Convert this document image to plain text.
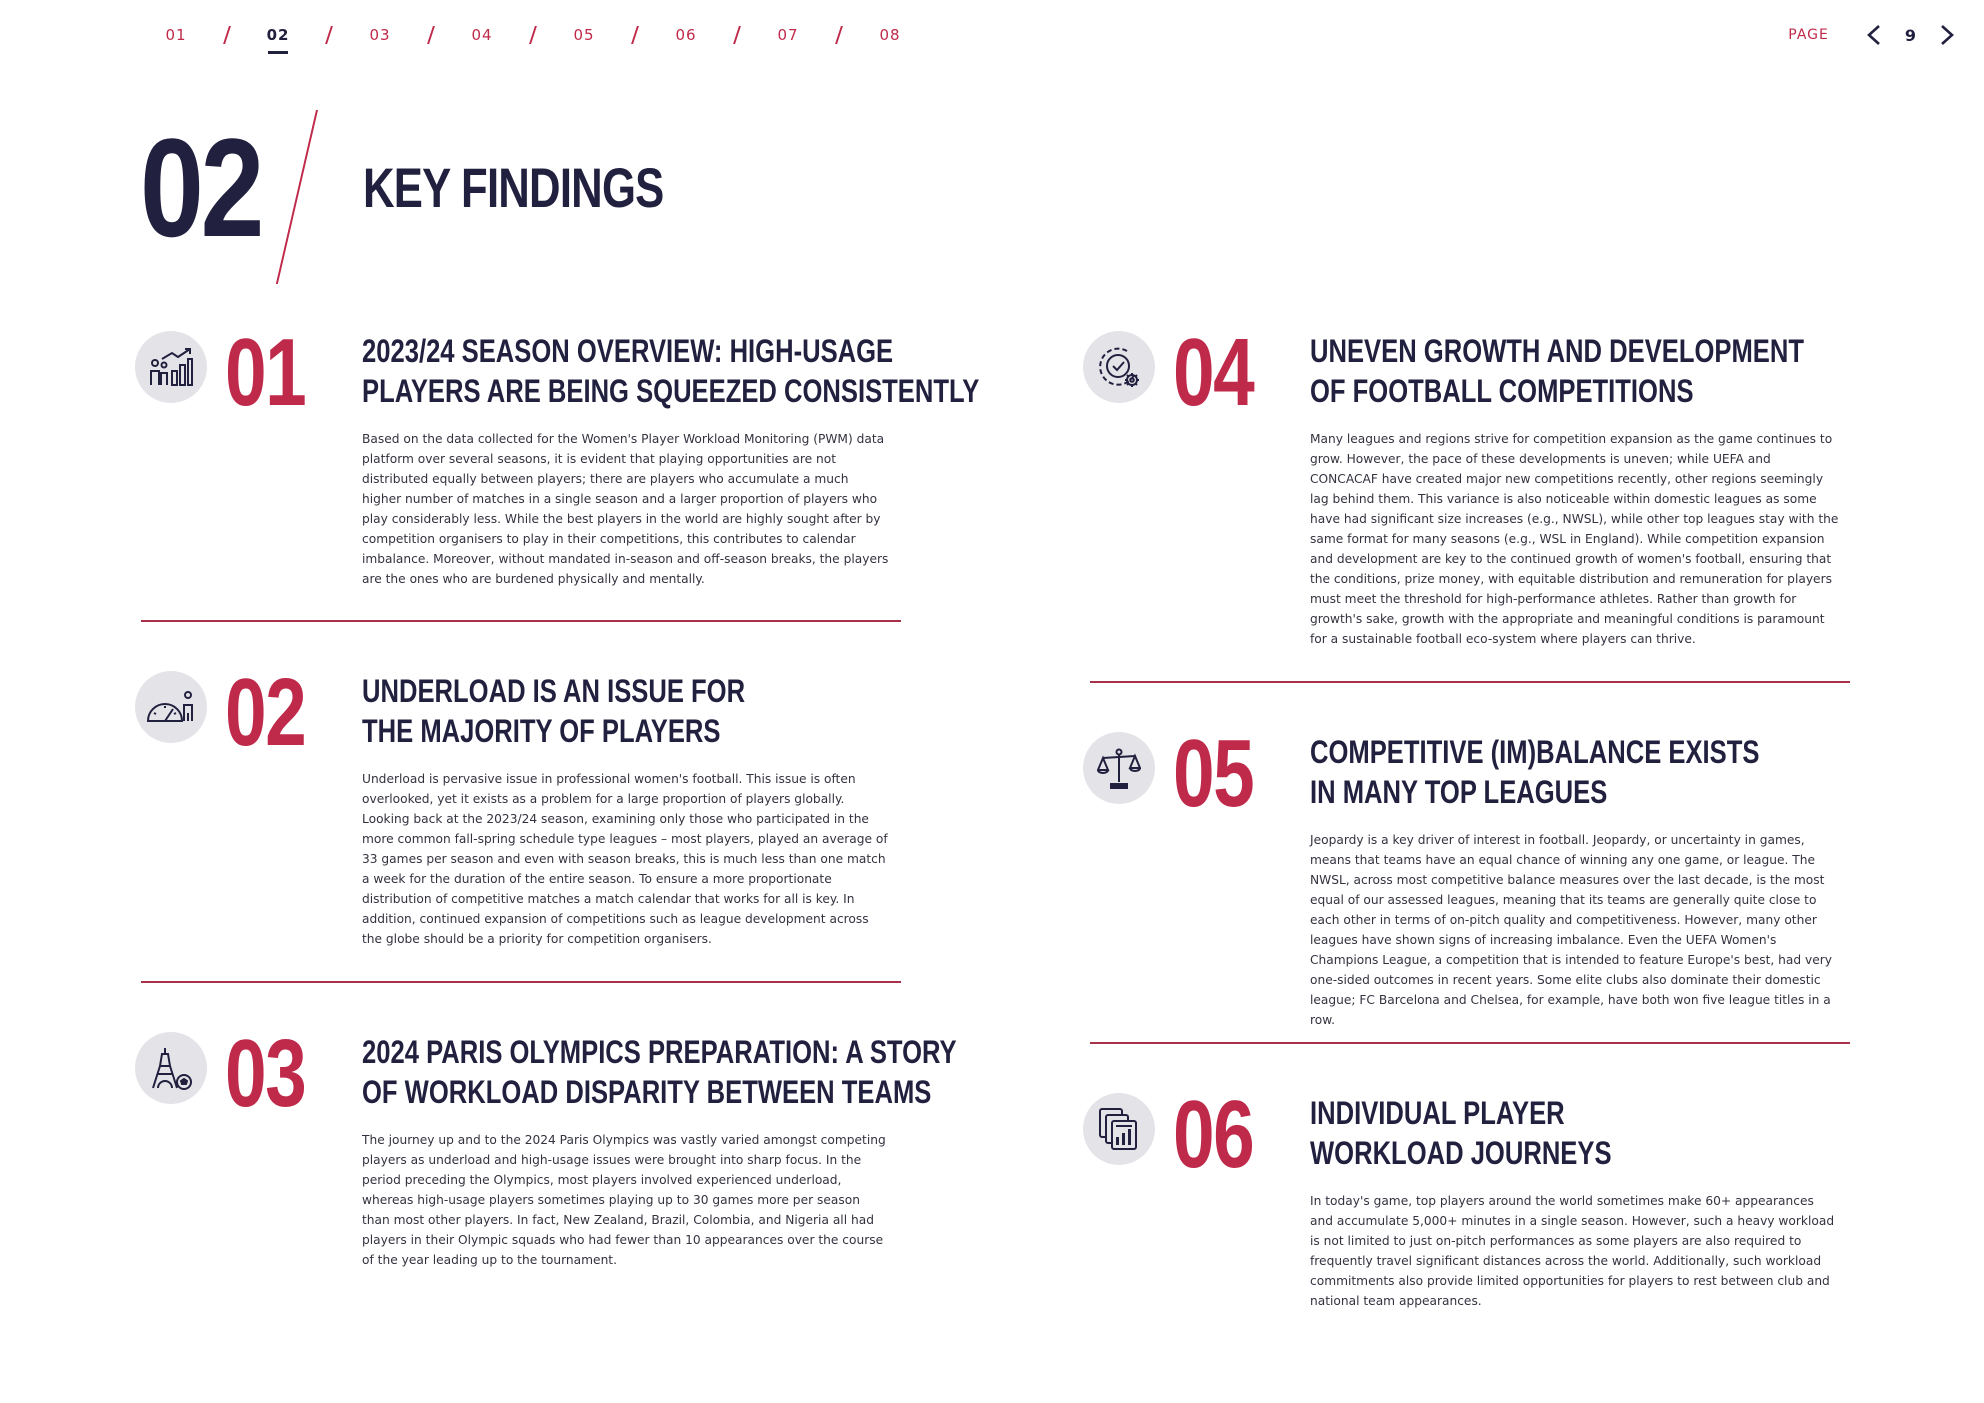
01	02	03	04	05	06	07	08	PAGE	9
02 KEY FINDINGS
01 2023/24 SEASON OVERVIEW: HIGH-USAGE
PLAYERS ARE BEING SQUEEZED CONSISTENTLY

Based on the data collected for the Women's Player Workload Monitoring (PWM) data platform over several seasons, it is evident that playing opportunities are not distributed equally between players; there are players who accumulate a much higher number of matches in a single season and a larger proportion of players who play considerably less. While the best players in the world are highly sought after by competition organisers to play in their competitions, this contributes to calendar imbalance. Moreover, without mandated in-season and off-season breaks, the players are the ones who are burdened physically and mentally.

02 UNDERLOAD IS AN ISSUE FOR
THE MAJORITY OF PLAYERS

Underload is pervasive issue in professional women's football. This issue is often overlooked, yet it exists as a problem for a large proportion of players globally. Looking back at the 2023/24 season, examining only those who participated in the more common fall-spring schedule type leagues – most players, played an average of 33 games per season and even with season breaks, this is much less than one match a week for the duration of the entire season. To ensure a more proportionate distribution of competitive matches a match calendar that works for all is key. In addition, continued expansion of competitions such as league development across the globe should be a priority for competition organisers.

03 2024 PARIS OLYMPICS PREPARATION: A STORY
OF WORKLOAD DISPARITY BETWEEN TEAMS

The journey up and to the 2024 Paris Olympics was vastly varied amongst competing players as underload and high-usage issues were brought into sharp focus. In the period preceding the Olympics, most players involved experienced underload, whereas high-usage players sometimes playing up to 30 games more per season than most other players. In fact, New Zealand, Brazil, Colombia, and Nigeria all had players in their Olympic squads who had fewer than 10 appearances over the course of the year leading up to the tournament.

04 UNEVEN GROWTH AND DEVELOPMENT
OF FOOTBALL COMPETITIONS

Many leagues and regions strive for competition expansion as the game continues to grow. However, the pace of these developments is uneven; while UEFA and CONCACAF have created major new competitions recently, other regions seemingly lag behind them. This variance is also noticeable within domestic leagues as some have had significant size increases (e.g., NWSL), while other top leagues stay with the same format for many seasons (e.g., WSL in England). While competition expansion and development are key to the continued growth of women's football, ensuring that the conditions, prize money, with equitable distribution and remuneration for players must meet the threshold for high-performance athletes. Rather than growth for growth's sake, growth with the appropriate and meaningful conditions is paramount for a sustainable football eco-system where players can thrive.

05 COMPETITIVE (IM)BALANCE EXISTS
IN MANY TOP LEAGUES

Jeopardy is a key driver of interest in football. Jeopardy, or uncertainty in games, means that teams have an equal chance of winning any one game, or league. The NWSL, across most competitive balance measures over the last decade, is the most equal of our assessed leagues, meaning that its teams are generally quite close to each other in terms of on-pitch quality and competitiveness. However, many other leagues have shown signs of increasing imbalance. Even the UEFA Women's Champions League, a competition that is intended to feature Europe's best, had very one-sided outcomes in recent years. Some elite clubs also dominate their domestic league; FC Barcelona and Chelsea, for example, have both won five league titles in a row.

06 INDIVIDUAL PLAYER
WORKLOAD JOURNEYS

In today's game, top players around the world sometimes make 60+ appearances and accumulate 5,000+ minutes in a single season. However, such a heavy workload is not limited to just on-pitch performances as some players are also required to frequently travel significant distances across the world. Additionally, such workload commitments also provide limited opportunities for players to rest between club and national team appearances.
